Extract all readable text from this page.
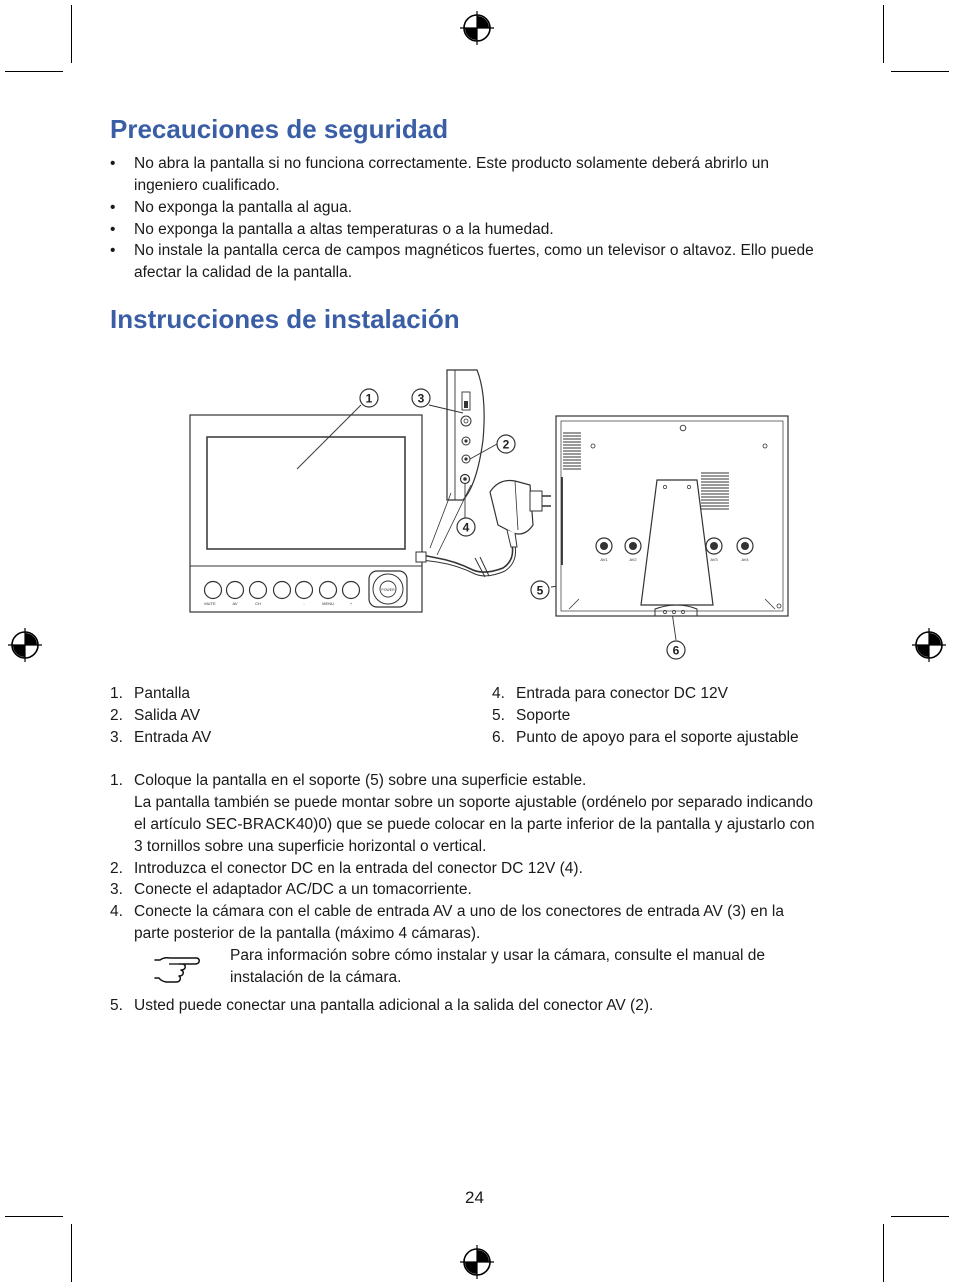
Precauciones de seguridad
• No abra la pantalla si no funciona correctamente. Este producto solamente deberá abrirlo un
ingeniero cualificado.
• No exponga la pantalla al agua.
• No exponga la pantalla a altas temperaturas o a la humedad.
• No instale la pantalla cerca de campos magnéticos fuertes, como un televisor o altavoz. Ello puede
afectar la calidad de la pantalla.
Instrucciones de instalación
POWER
MUTE	AV	CH	-	MENU	+
AV1	AV2	AV3	AV4
1	3
2
4
5
6
1. Pantalla
2. Salida AV
3. Entrada AV
4. Entrada para conector DC 12V
5. Soporte
6. Punto de apoyo para el soporte ajustable
1. Coloque la pantalla en el soporte (5) sobre una superficie estable.
La pantalla también se puede montar sobre un soporte ajustable (ordénelo por separado indicando
el artículo SEC-BRACK40)0) que se puede colocar en la parte inferior de la pantalla y ajustarlo con
3 tornillos sobre una superficie horizontal o vertical.
2. Introduzca el conector DC en la entrada del conector DC 12V (4).
3. Conecte el adaptador AC/DC a un tomacorriente.
4. Conecte la cámara con el cable de entrada AV a uno de los conectores de entrada AV (3) en la
parte posterior de la pantalla (máximo 4 cámaras).
Para información sobre cómo instalar y usar la cámara, consulte el manual de
instalación de la cámara.
5. Usted puede conectar una pantalla adicional a la salida del conector AV (2).
24
